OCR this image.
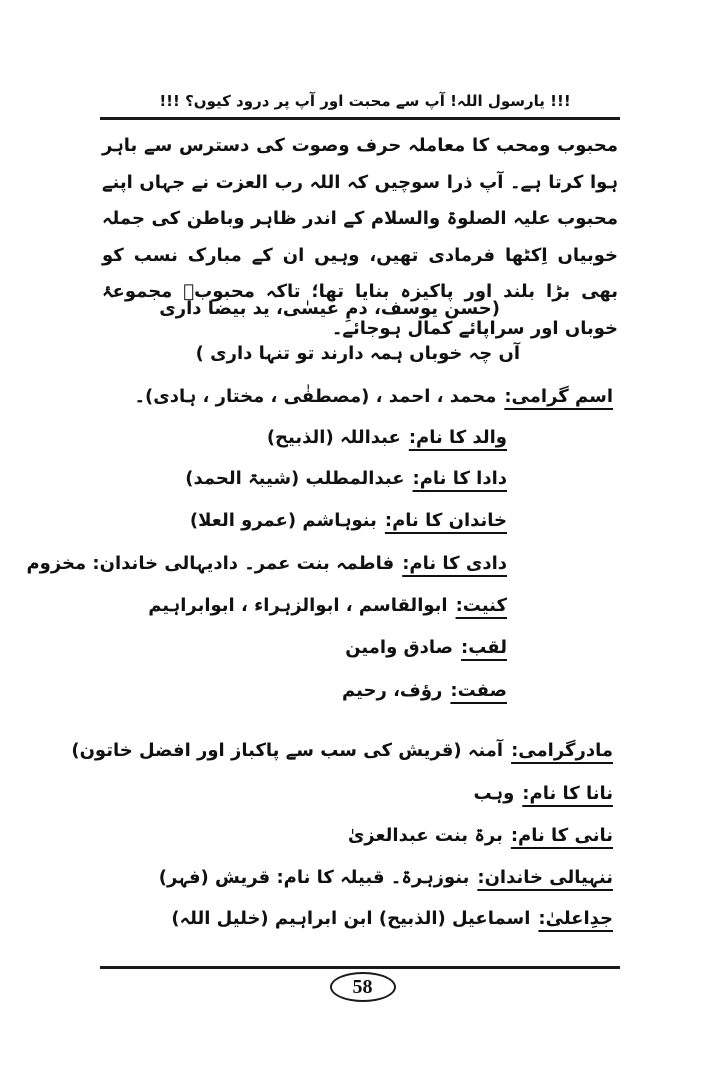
!!! یارسول اللہ! آپ سے محبت اور آپ پر درود کیوں؟ !!!
محبوب ومحب کا معاملہ حرف وصوت کی دسترس سے باہر ہوا کرتا ہے۔ آپ ذرا سوچیں کہ اللہ رب العزت نے جہاں اپنے محبوب علیہ الصلوۃ والسلام کے اندر ظاہر وباطن کی جملہ خوبیاں اِکٹھا فرمادی تھیں، وہیں ان کے مبارک نسب کو بھی بڑا بلند اور پاکیزہ بنایا تھا؛ تاکہ محبوبؑ مجموعۂ خوباں اور سراپائے کمال ہوجائے۔
(حسن یوسف، دمِ عیسٰی، ید بیضا داری
آں چہ خوباں ہمہ دارند تو تنہا داری )
اسم گرامی:محمد ، احمد ، (مصطفٰی ، مختار ، ہادی)۔
والد کا نام:عبداللہ (الذبیح)
دادا کا نام:عبدالمطلب (شیبۃ الحمد)
خاندان کا نام:بنوہاشم (عمرو العلا)
دادی کا نام:فاطمہ بنت عمر۔ دادیہالی خاندان: مخزوم
کنیت:ابوالقاسم ، ابوالزہراء ، ابوابراہیم
لقب:صادق وامین
صفت:رؤف، رحیم
مادرگرامی:آمنہ (قریش کی سب سے پاکباز اور افضل خاتون)
نانا کا نام:وہب
نانی کا نام:برۃ بنت عبدالعزیٰ
ننہیالی خاندان:بنوزہرۃ۔ قبیلہ کا نام: قریش (فہر)
جدِاعلیٰ:اسماعیل (الذبیح) ابن ابراہیم (خلیل اللہ)
58
